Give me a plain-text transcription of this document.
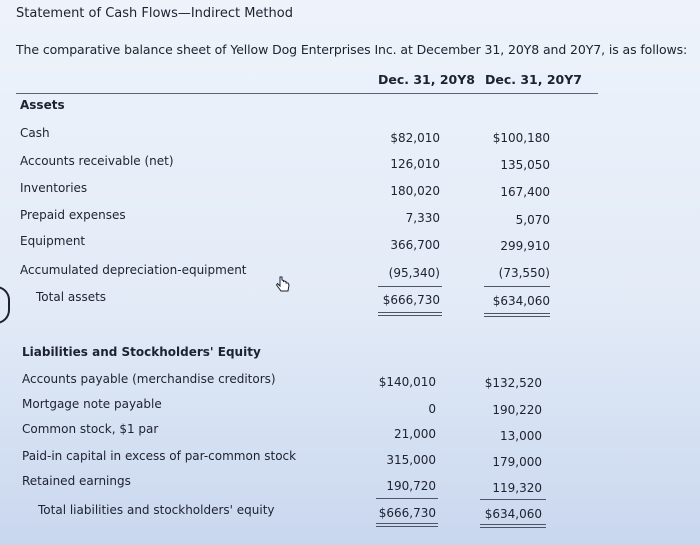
Statement of Cash Flows—Indirect Method
The comparative balance sheet of Yellow Dog Enterprises Inc. at December 31, 20Y8 and 20Y7, is as follows:
Dec. 31, 20Y8 Dec. 31, 20Y7
Assets
Cash	$82,010	$100,180
Accounts receivable (net)	126,010	135,050
Inventories	180,020	167,400
Prepaid expenses	7,330	5,070
Equipment	366,700	299,910
Accumulated depreciation-equipment	(95,340)	(73,550)
Total assets	$666,730	$634,060
Liabilities and Stockholders' Equity
Accounts payable (merchandise creditors)	$140,010	$132,520
Mortgage note payable	0	190,220
Common stock, $1 par	21,000	13,000
Paid-in capital in excess of par-common stock	315,000	179,000
Retained earnings	190,720	119,320
Total liabilities and stockholders' equity	$666,730	$634,060
